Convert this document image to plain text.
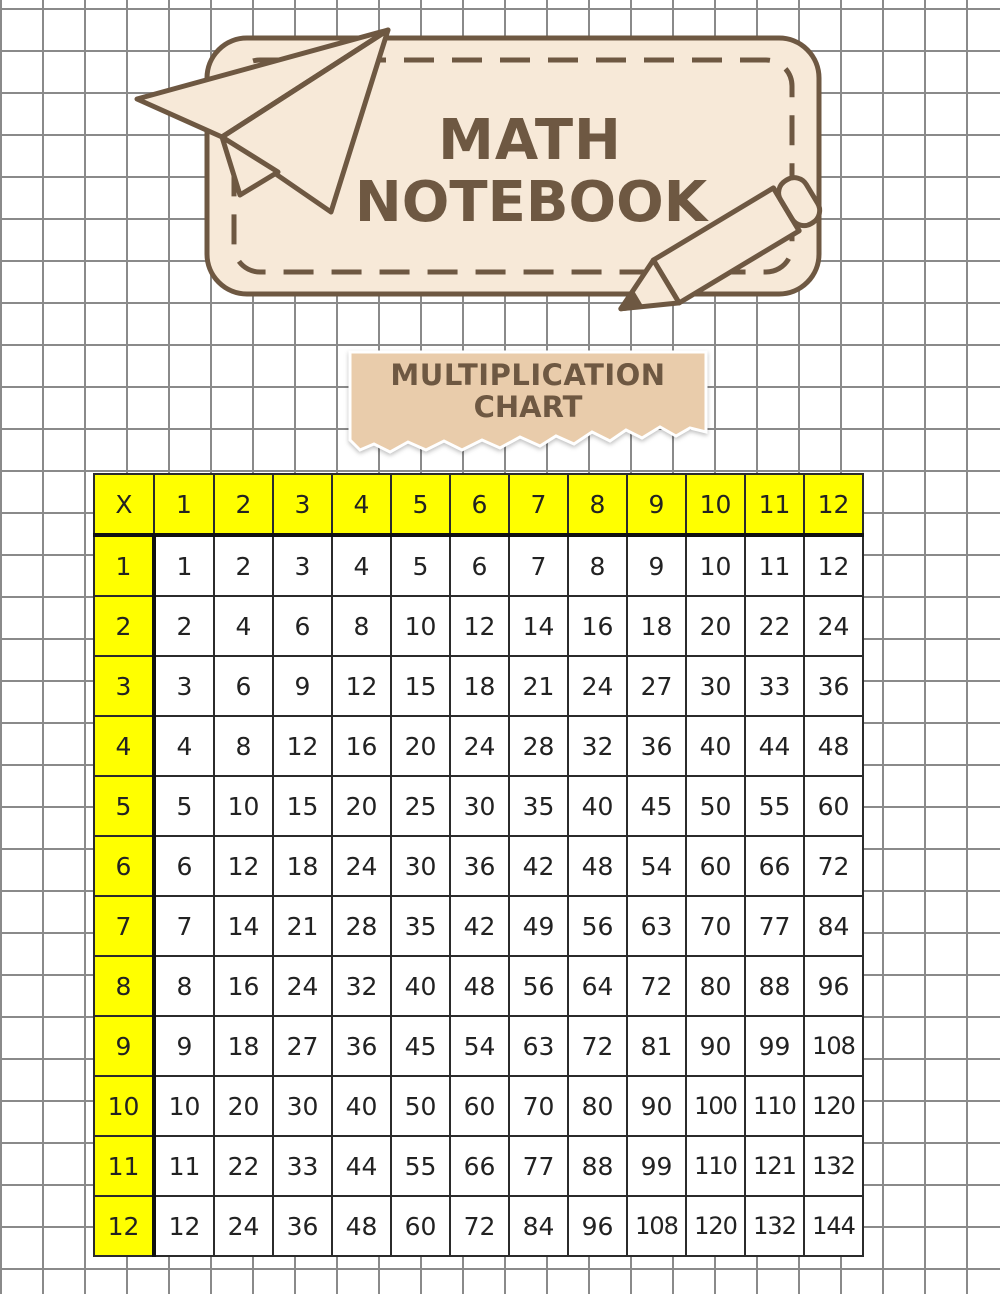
MATH
NOTEBOOK
MULTIPLICATION
CHART
X	1	2	3	4	5	6	7	8	9	10	11	12
1	1	2	3	4	5	6	7	8	9	10	11	12
2	2	4	6	8	10	12	14	16	18	20	22	24
3	3	6	9	12	15	18	21	24	27	30	33	36
4	4	8	12	16	20	24	28	32	36	40	44	48
5	5	10	15	20	25	30	35	40	45	50	55	60
6	6	12	18	24	30	36	42	48	54	60	66	72
7	7	14	21	28	35	42	49	56	63	70	77	84
8	8	16	24	32	40	48	56	64	72	80	88	96
9	9	18	27	36	45	54	63	72	81	90	99	108
10	10	20	30	40	50	60	70	80	90	100	110	120
11	11	22	33	44	55	66	77	88	99	110	121	132
12	12	24	36	48	60	72	84	96	108	120	132	144
